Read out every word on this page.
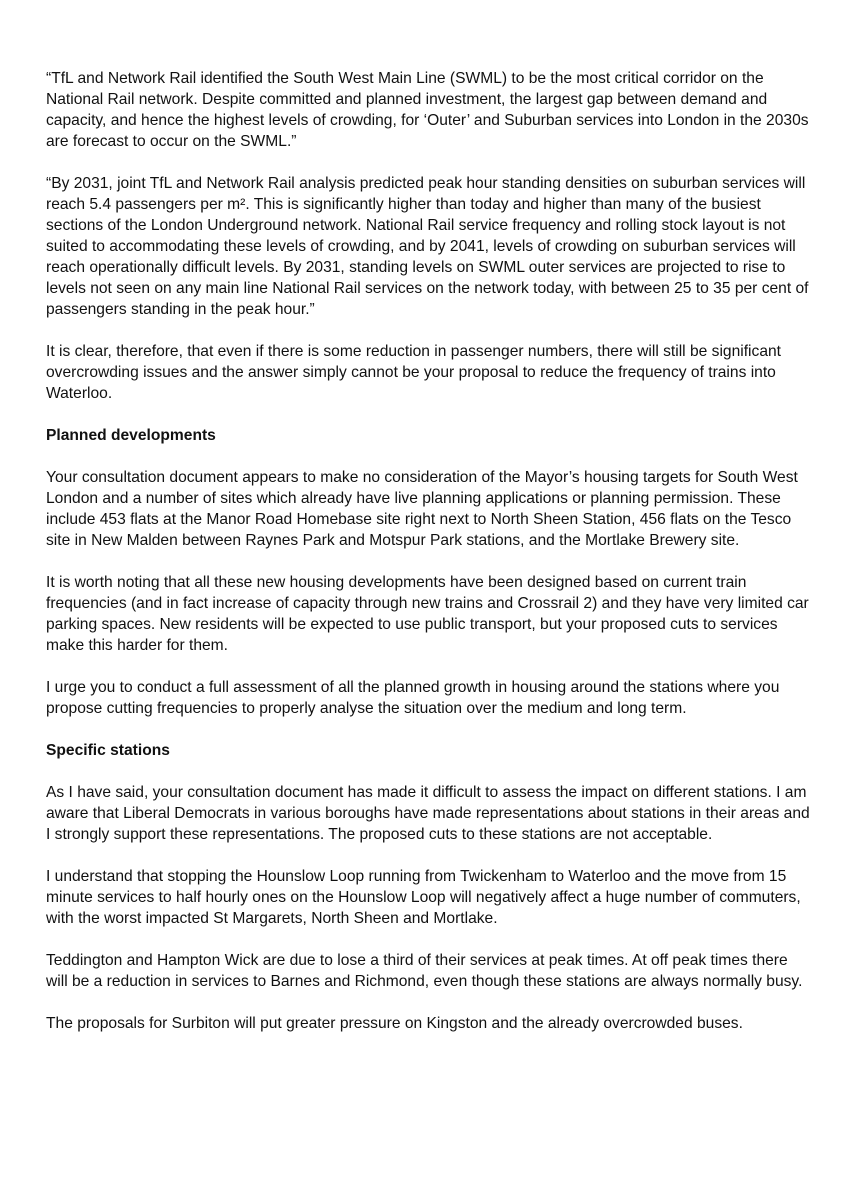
“TfL and Network Rail identified the South West Main Line (SWML) to be the most critical corridor on the National Rail network. Despite committed and planned investment, the largest gap between demand and capacity, and hence the highest levels of crowding, for ‘Outer’ and Suburban services into London in the 2030s are forecast to occur on the SWML.”

“By 2031, joint TfL and Network Rail analysis predicted peak hour standing densities on suburban services will reach 5.4 passengers per m². This is significantly higher than today and higher than many of the busiest sections of the London Underground network. National Rail service frequency and rolling stock layout is not suited to accommodating these levels of crowding, and by 2041, levels of crowding on suburban services will reach operationally difficult levels. By 2031, standing levels on SWML outer services are projected to rise to levels not seen on any main line National Rail services on the network today, with between 25 to 35 per cent of passengers standing in the peak hour.”

It is clear, therefore, that even if there is some reduction in passenger numbers, there will still be significant overcrowding issues and the answer simply cannot be your proposal to reduce the frequency of trains into Waterloo.

Planned developments

Your consultation document appears to make no consideration of the Mayor’s housing targets for South West London and a number of sites which already have live planning applications or planning permission. These include 453 flats at the Manor Road Homebase site right next to North Sheen Station, 456 flats on the Tesco site in New Malden between Raynes Park and Motspur Park stations, and the Mortlake Brewery site.

It is worth noting that all these new housing developments have been designed based on current train frequencies (and in fact increase of capacity through new trains and Crossrail 2) and they have very limited car parking spaces. New residents will be expected to use public transport, but your proposed cuts to services make this harder for them.

I urge you to conduct a full assessment of all the planned growth in housing around the stations where you propose cutting frequencies to properly analyse the situation over the medium and long term.

Specific stations

As I have said, your consultation document has made it difficult to assess the impact on different stations. I am aware that Liberal Democrats in various boroughs have made representations about stations in their areas and I strongly support these representations. The proposed cuts to these stations are not acceptable.

I understand that stopping the Hounslow Loop running from Twickenham to Waterloo and the move from 15 minute services to half hourly ones on the Hounslow Loop will negatively affect a huge number of commuters, with the worst impacted St Margarets, North Sheen and Mortlake.

Teddington and Hampton Wick are due to lose a third of their services at peak times. At off peak times there will be a reduction in services to Barnes and Richmond, even though these stations are always normally busy.

The proposals for Surbiton will put greater pressure on Kingston and the already overcrowded buses.
